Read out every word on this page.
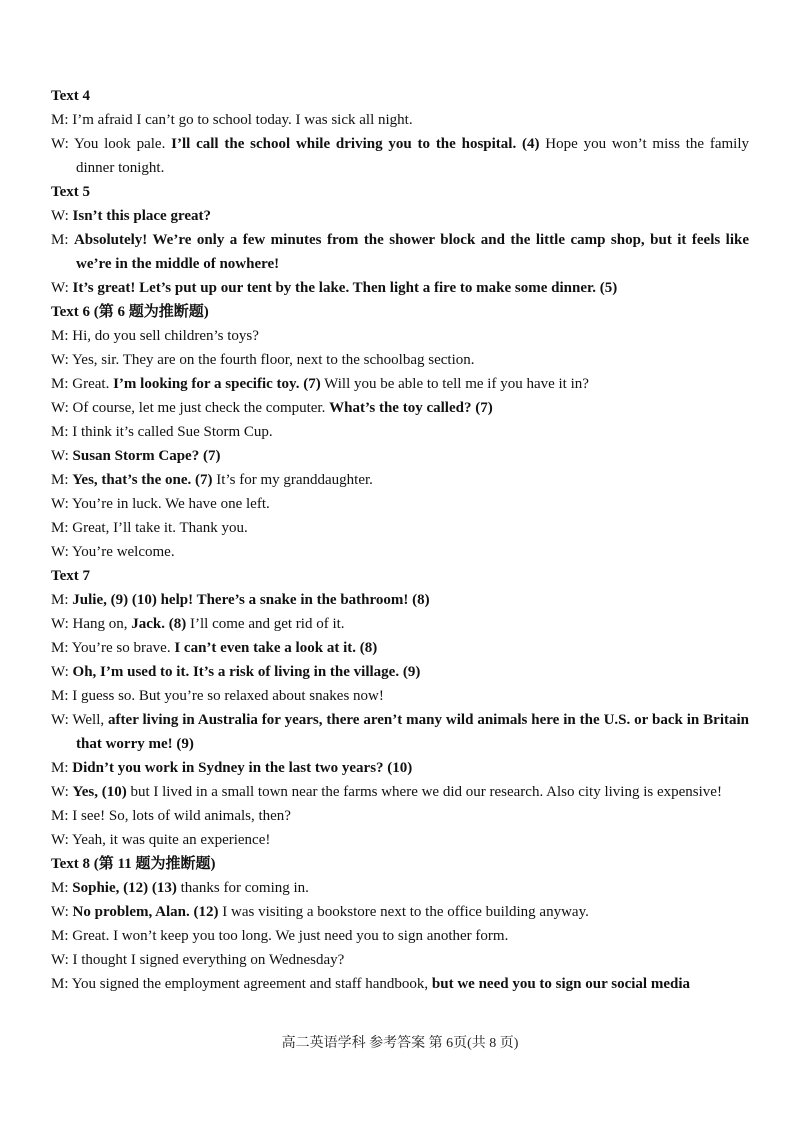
Text 4
M: I’m afraid I can’t go to school today. I was sick all night.
W: You look pale. I’ll call the school while driving you to the hospital. (4) Hope you won’t miss the family dinner tonight.
Text 5
W: Isn’t this place great?
M: Absolutely! We’re only a few minutes from the shower block and the little camp shop, but it feels like we’re in the middle of nowhere!
W: It’s great! Let’s put up our tent by the lake. Then light a fire to make some dinner. (5)
Text 6 (第 6 题为推断题)
M: Hi, do you sell children’s toys?
W: Yes, sir. They are on the fourth floor, next to the schoolbag section.
M: Great. I’m looking for a specific toy. (7) Will you be able to tell me if you have it in?
W: Of course, let me just check the computer. What’s the toy called? (7)
M: I think it’s called Sue Storm Cup.
W: Susan Storm Cape? (7)
M: Yes, that’s the one. (7) It’s for my granddaughter.
W: You’re in luck. We have one left.
M: Great, I’ll take it. Thank you.
W: You’re welcome.
Text 7
M: Julie, (9) (10) help! There’s a snake in the bathroom! (8)
W: Hang on, Jack. (8) I’ll come and get rid of it.
M: You’re so brave. I can’t even take a look at it. (8)
W: Oh, I’m used to it. It’s a risk of living in the village. (9)
M: I guess so. But you’re so relaxed about snakes now!
W: Well, after living in Australia for years, there aren’t many wild animals here in the U.S. or back in Britain that worry me! (9)
M: Didn’t you work in Sydney in the last two years? (10)
W: Yes, (10) but I lived in a small town near the farms where we did our research. Also city living is expensive!
M: I see! So, lots of wild animals, then?
W: Yeah, it was quite an experience!
Text 8 (第 11 题为推断题)
M: Sophie, (12) (13) thanks for coming in.
W: No problem, Alan. (12) I was visiting a bookstore next to the office building anyway.
M: Great. I won’t keep you too long. We just need you to sign another form.
W: I thought I signed everything on Wednesday?
M: You signed the employment agreement and staff handbook, but we need you to sign our social media
高二英语学科 参考答案 第 6页(共 8 页)
